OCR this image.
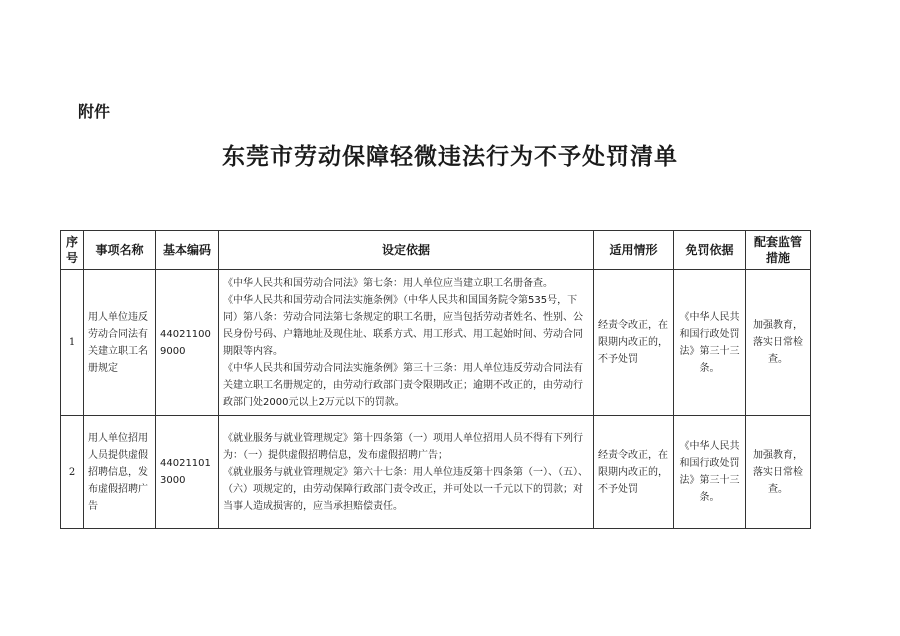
附件
东莞市劳动保障轻微违法行为不予处罚清单
序号	事项名称	基本编码	设定依据	适用情形	免罚依据	配套监管措施
1	用人单位违反劳动合同法有关建立职工名册规定	440211009000	《中华人民共和国劳动合同法》第七条：用人单位应当建立职工名册备查。

《中华人民共和国劳动合同法实施条例》（中华人民共和国国务院令第535号，下同）第八条：劳动合同法第七条规定的职工名册，应当包括劳动者姓名、性别、公民身份号码、户籍地址及现住址、联系方式、用工形式、用工起始时间、劳动合同期限等内容。

《中华人民共和国劳动合同法实施条例》第三十三条：用人单位违反劳动合同法有关建立职工名册规定的，由劳动行政部门责令限期改正；逾期不改正的，由劳动行政部门处2000元以上2万元以下的罚款。	经责令改正，在限期内改正的，不予处罚	《中华人民共和国行政处罚法》第三十三条。	加强教育，落实日常检查。
2	用人单位招用人员提供虚假招聘信息，发布虚假招聘广告	440211013000	《就业服务与就业管理规定》第十四条第（一）项用人单位招用人员不得有下列行为：（一）提供虚假招聘信息，发布虚假招聘广告；

《就业服务与就业管理规定》第六十七条：用人单位违反第十四条第（一）、（五）、（六）项规定的，由劳动保障行政部门责令改正，并可处以一千元以下的罚款；对当事人造成损害的，应当承担赔偿责任。	经责令改正，在限期内改正的，不予处罚	《中华人民共和国行政处罚法》第三十三条。	加强教育，落实日常检查。
